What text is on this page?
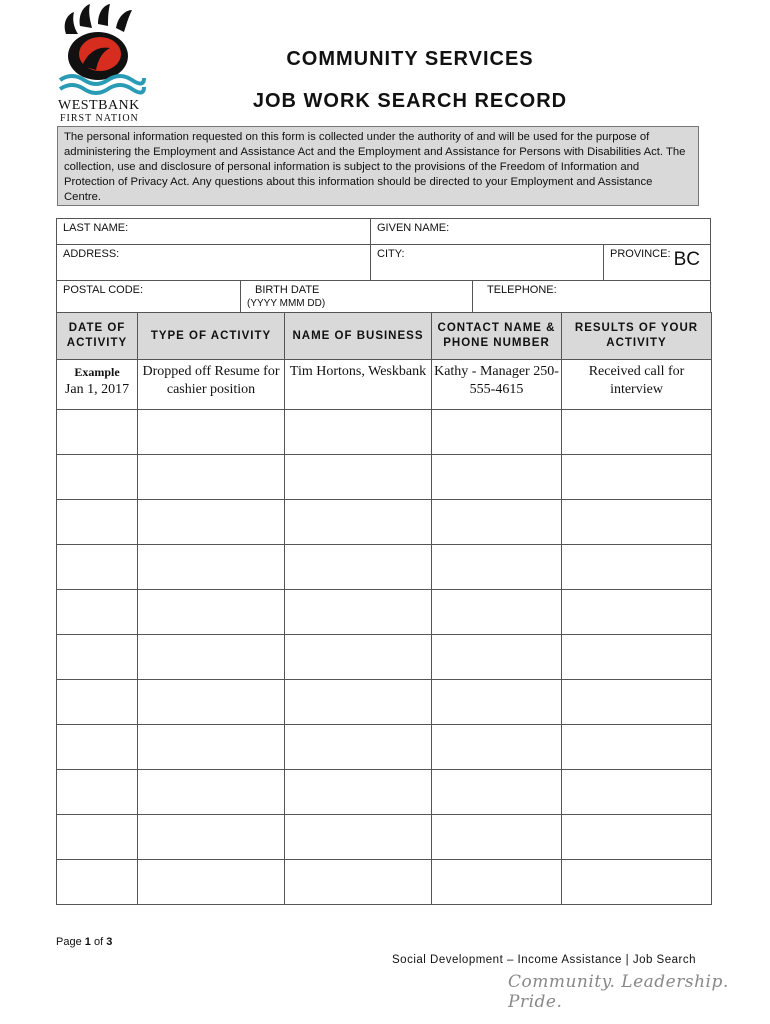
WESTBANK
FIRST NATION
COMMUNITY SERVICES
JOB WORK SEARCH RECORD
The personal information requested on this form is collected under the authority of and will be used for the purpose of administering the Employment and Assistance Act and the Employment and Assistance for Persons with Disabilities Act. The collection, use and disclosure of personal information is subject to the provisions of the Freedom of Information and Protection of Privacy Act. Any questions about this information should be directed to your Employment and Assistance Centre.
LAST NAME:	GIVEN NAME:
ADDRESS:	CITY:	PROVINCE: BC
POSTAL CODE:	BIRTH DATE
(YYYY MMM DD)
TELEPHONE:
DATE OF ACTIVITY	TYPE OF ACTIVITY	NAME OF BUSINESS	CONTACT NAME & PHONE NUMBER	RESULTS OF YOUR ACTIVITY

Example
Jan 1, 2017	Dropped off Resume for cashier position	Tim Hortons, Weskbank	Kathy - Manager 250-555-4615	Received call for interview

Page 1 of 3
Social Development – Income Assistance | Job Search
Community. Leadership. Pride.
